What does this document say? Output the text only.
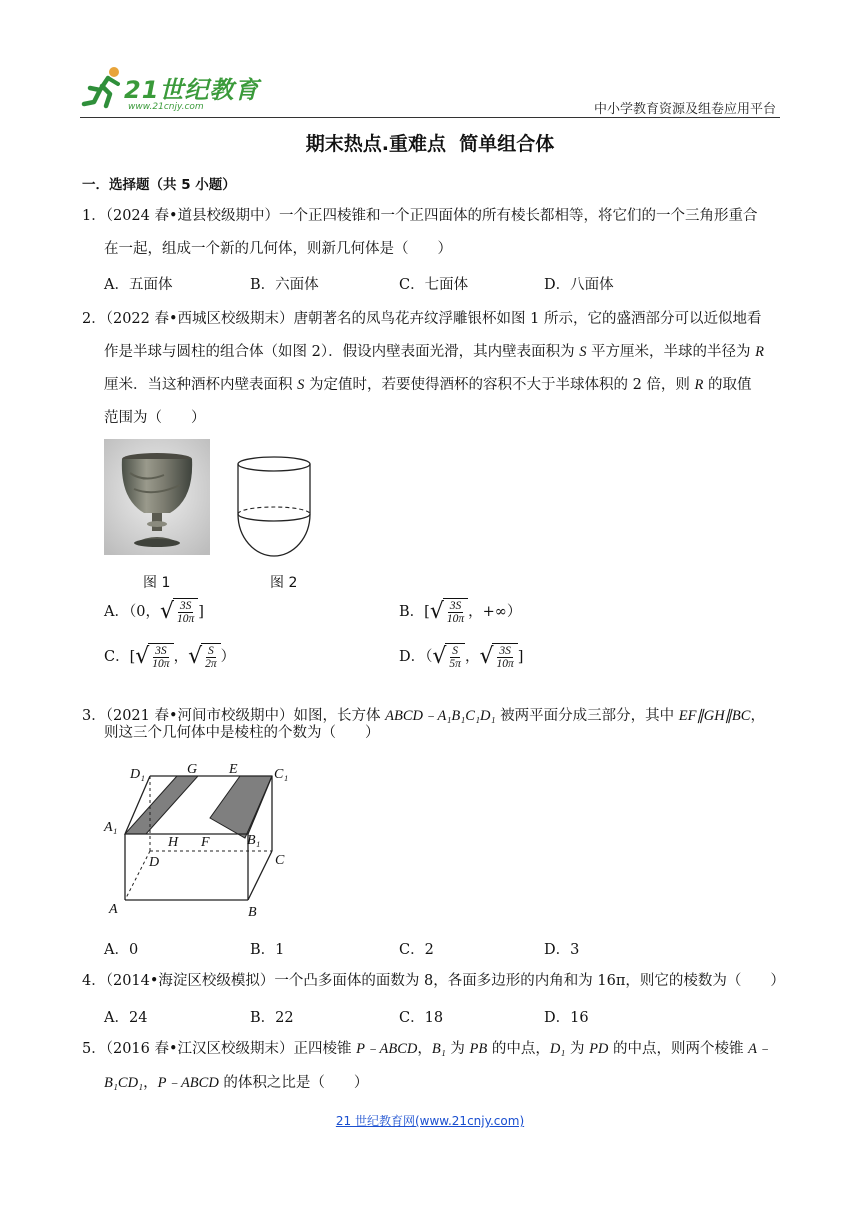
21世纪教育
www.21cnjy.com	中小学教育资源及组卷应用平台
期末热点.重难点  简单组合体
一．选择题（共 5 小题）
1．（2024 春•道县校级期中）一个正四棱锥和一个正四面体的所有棱长都相等，将它们的一个三角形重合
在一起，组成一个新的几何体，则新几何体是（　　）
A．五面体	B．六面体	C．七面体	D．八面体
2．（2022 春•西城区校级期末）唐朝著名的凤鸟花卉纹浮雕银杯如图 1 所示，它的盛酒部分可以近似地看
作是半球与圆柱的组合体（如图 2）．假设内壁表面光滑，其内壁表面积为 S 平方厘米，半球的半径为 R
厘米．当这种酒杯内壁表面积 S 为定值时，若要使得酒杯的容积不大于半球体积的 2 倍，则 R 的取值
范围为（　　）
图 1	图 2
A．（0， √ $\frac{3S}{10\pi}$ ]	B．[ √ $\frac{3S}{10\pi}$ ，+∞）
C．[ √ $\frac{3S}{10\pi}$ ， √ $\frac{S}{2\pi}$ ）	D．（ √ $\frac{S}{5\pi}$ ， √ $\frac{3S}{10\pi}$ ]
3．（2021 春•河间市校级期中）如图，长方体 ABCD﹣A₁B₁C₁D₁ 被两平面分成三部分，其中 EF∥GH∥BC，
则这三个几何体中是棱柱的个数为（　　）
D₁	G E	C₁
A₁
H F	B₁
D	C
A	B
A．0	B．1	C．2	D．3
4．（2014•海淀区校级模拟）一个凸多面体的面数为 8，各面多边形的内角和为 16π，则它的棱数为（　　）
A．24	B．22	C．18	D．16
5．（2016 春•江汉区校级期末）正四棱锥 P﹣ABCD，B₁ 为 PB 的中点，D₁ 为 PD 的中点，则两个棱锥 A﹣
B₁CD₁，P﹣ABCD 的体积之比是（　　）
21 世纪教育网(www.21cnjy.com)
